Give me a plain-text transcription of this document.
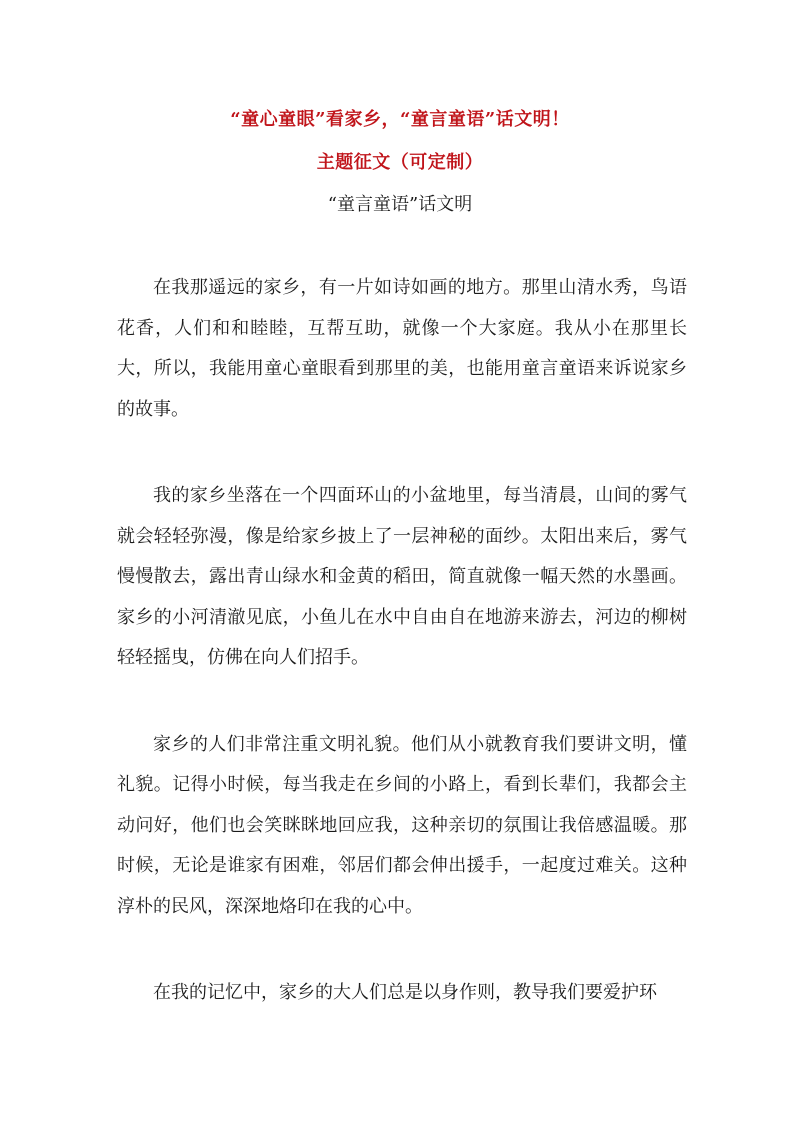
“童心童眼”看家乡，“童言童语”话文明！
主题征文（可定制）
“童言童语”话文明

在我那遥远的家乡，有一片如诗如画的地方。那里山清水秀，鸟语花香，人们和和睦睦，互帮互助，就像一个大家庭。我从小在那里长大，所以，我能用童心童眼看到那里的美，也能用童言童语来诉说家乡的故事。

我的家乡坐落在一个四面环山的小盆地里，每当清晨，山间的雾气就会轻轻弥漫，像是给家乡披上了一层神秘的面纱。太阳出来后，雾气慢慢散去，露出青山绿水和金黄的稻田，简直就像一幅天然的水墨画。家乡的小河清澈见底，小鱼儿在水中自由自在地游来游去，河边的柳树轻轻摇曳，仿佛在向人们招手。

家乡的人们非常注重文明礼貌。他们从小就教育我们要讲文明，懂礼貌。记得小时候，每当我走在乡间的小路上，看到长辈们，我都会主动问好，他们也会笑眯眯地回应我，这种亲切的氛围让我倍感温暖。那时候，无论是谁家有困难，邻居们都会伸出援手，一起度过难关。这种淳朴的民风，深深地烙印在我的心中。

在我的记忆中，家乡的大人们总是以身作则，教导我们要爱护环
